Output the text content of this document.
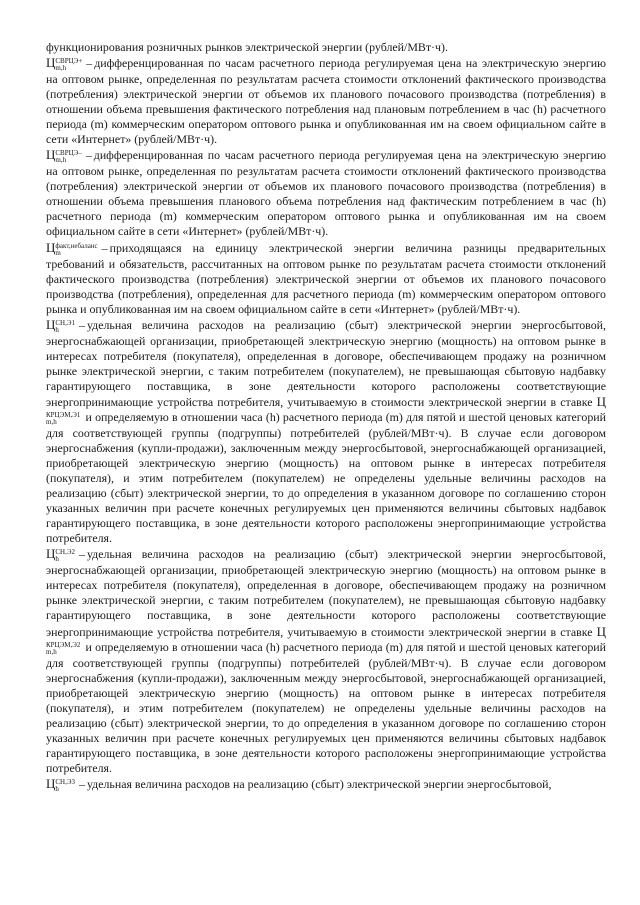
функционирования розничных рынков электрической энергии (рублей/МВт·ч).

Ц СВРЦЭ+
m,h	– дифференцированная по часам расчетного периода регулируемая цена на электрическую энергию на оптовом рынке, определенная по результатам расчета стоимости отклонений фактического производства (потребления) электрической энергии от объемов их планового почасового производства (потребления) в отношении объема превышения фактического потребления над плановым потреблением в час (h) расчетного периода (m) коммерческим оператором оптового рынка и опубликованная им на своем официальном сайте в сети «Интернет» (рублей/МВт·ч).

Ц СВРЦЭ–
m,h	– дифференцированная по часам расчетного периода регулируемая цена на электрическую энергию на оптовом рынке, определенная по результатам расчета стоимости отклонений фактического производства (потребления) электрической энергии от объемов их планового почасового производства (потребления) в отношении объема превышения планового объема потребления над фактическим потреблением в час (h) расчетного периода (m) коммерческим оператором оптового рынка и опубликованная им на своем официальном сайте в сети «Интернет» (рублей/МВт·ч).

Ц факт,небаланс
m	– приходящаяся на единицу электрической энергии величина разницы предварительных требований и обязательств, рассчитанных на оптовом рынке по результатам расчета стоимости отклонений фактического производства (потребления) электрической энергии от объемов их планового почасового производства (потребления), определенная для расчетного периода (m) коммерческим оператором оптового рынка и опубликованная им на своем официальном сайте в сети «Интернет» (рублей/МВт·ч).

Ц СН,Э1
h	– удельная величина расходов на реализацию (сбыт) электрической энергии энергосбытовой, энергоснабжающей организации, приобретающей электрическую энергию (мощность) на оптовом рынке в интересах потребителя (покупателя), определенная в договоре, обеспечивающем продажу на розничном рынке электрической энергии, с таким потребителем (покупателем), не превышающая сбытовую надбавку гарантирующего поставщика, в зоне деятельности которого расположены соответствующие энергопринимающие устройства потребителя, учитываемую в стоимости электрической энергии в ставке Ц
КРЦЭМ,Э1
m,h	и определяемую в отношении часа (h) расчетного периода (m) для пятой и шестой ценовых категорий для соответствующей группы (подгруппы) потребителей (рублей/МВт·ч). В случае если договором энергоснабжения (купли-продажи), заключенным между энергосбытовой, энергоснабжающей организацией, приобретающей электрическую энергию (мощность) на оптовом рынке в интересах потребителя (покупателя), и этим потребителем (покупателем) не определены удельные величины расходов на реализацию (сбыт) электрической энергии, то до определения в указанном договоре по соглашению сторон указанных величин при расчете конечных регулируемых цен применяются величины сбытовых надбавок гарантирующего поставщика, в зоне деятельности которого расположены энергопринимающие устройства потребителя.

Ц СН,Э2
h	– удельная величина расходов на реализацию (сбыт) электрической энергии энергосбытовой, энергоснабжающей организации, приобретающей электрическую энергию (мощность) на оптовом рынке в интересах потребителя (покупателя), определенная в договоре, обеспечивающем продажу на розничном рынке электрической энергии, с таким потребителем (покупателем), не превышающая сбытовую надбавку гарантирующего поставщика, в зоне деятельности которого расположены соответствующие энергопринимающие устройства потребителя, учитываемую в стоимости электрической энергии в ставке Ц
КРЦЭМ,Э2
m,h	и определяемую в отношении часа (h) расчетного периода (m) для пятой и шестой ценовых категорий для соответствующей группы (подгруппы) потребителей (рублей/МВт·ч). В случае если договором энергоснабжения (купли-продажи), заключенным между энергосбытовой, энергоснабжающей организацией, приобретающей электрическую энергию (мощность) на оптовом рынке в интересах потребителя (покупателя), и этим потребителем (покупателем) не определены удельные величины расходов на реализацию (сбыт) электрической энергии, то до определения в указанном договоре по соглашению сторон указанных величин при расчете конечных регулируемых цен применяются величины сбытовых надбавок гарантирующего поставщика, в зоне деятельности которого расположены энергопринимающие устройства потребителя.

Ц СН,Э3
h	– удельная величина расходов на реализацию (сбыт) электрической энергии энергосбытовой,
